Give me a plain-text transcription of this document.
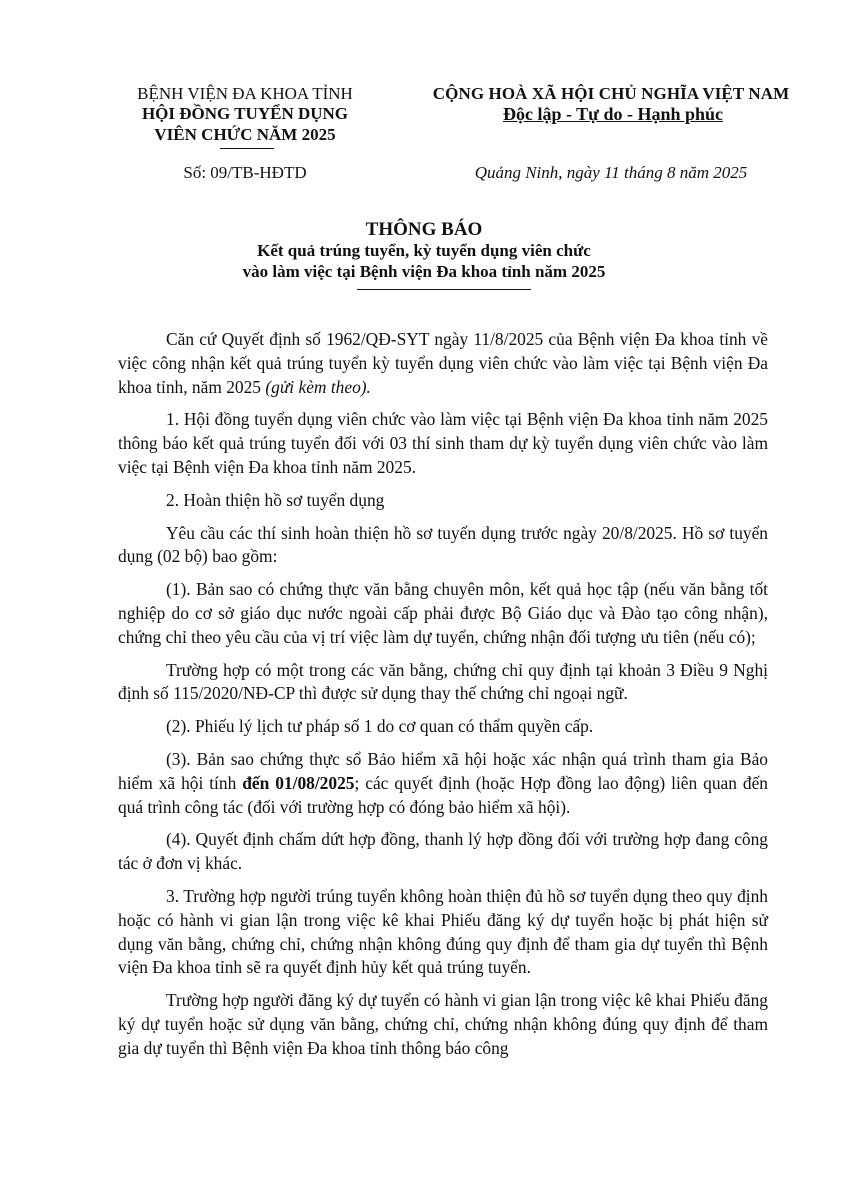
BỆNH VIỆN ĐA KHOA TỈNH
HỘI ĐỒNG TUYỂN DỤNG
VIÊN CHỨC NĂM 2025
Số: 09/TB-HĐTD
CỘNG HOÀ XÃ HỘI CHỦ NGHĨA VIỆT NAM
Độc lập - Tự do - Hạnh phúc
Quảng Ninh, ngày 11 tháng 8 năm 2025
THÔNG BÁO
Kết quả trúng tuyển, kỳ tuyển dụng viên chức
vào làm việc tại Bệnh viện Đa khoa tỉnh năm 2025

Căn cứ Quyết định số 1962/QĐ-SYT ngày 11/8/2025 của Bệnh viện Đa khoa tỉnh về việc công nhận kết quả trúng tuyển kỳ tuyển dụng viên chức vào làm việc tại Bệnh viện Đa khoa tỉnh, năm 2025 (gửi kèm theo).

1. Hội đồng tuyển dụng viên chức vào làm việc tại Bệnh viện Đa khoa tỉnh năm 2025 thông báo kết quả trúng tuyển đối với 03 thí sinh tham dự kỳ tuyển dụng viên chức vào làm việc tại Bệnh viện Đa khoa tỉnh năm 2025.

2. Hoàn thiện hồ sơ tuyển dụng

Yêu cầu các thí sinh hoàn thiện hồ sơ tuyển dụng trước ngày 20/8/2025. Hồ sơ tuyển dụng (02 bộ) bao gồm:

(1). Bản sao có chứng thực văn bằng chuyên môn, kết quả học tập (nếu văn bằng tốt nghiệp do cơ sở giáo dục nước ngoài cấp phải được Bộ Giáo dục và Đào tạo công nhận), chứng chỉ theo yêu cầu của vị trí việc làm dự tuyển, chứng nhận đối tượng ưu tiên (nếu có);

Trường hợp có một trong các văn bằng, chứng chỉ quy định tại khoản 3 Điều 9 Nghị định số 115/2020/NĐ-CP thì được sử dụng thay thế chứng chỉ ngoại ngữ.

(2). Phiếu lý lịch tư pháp số 1 do cơ quan có thẩm quyền cấp.

(3). Bản sao chứng thực sổ Bảo hiểm xã hội hoặc xác nhận quá trình tham gia Bảo hiểm xã hội tính đến 01/08/2025; các quyết định (hoặc Hợp đồng lao động) liên quan đến quá trình công tác (đối với trường hợp có đóng bảo hiểm xã hội).

(4). Quyết định chấm dứt hợp đồng, thanh lý hợp đồng đối với trường hợp đang công tác ở đơn vị khác.

3. Trường hợp người trúng tuyển không hoàn thiện đủ hồ sơ tuyển dụng theo quy định hoặc có hành vi gian lận trong việc kê khai Phiếu đăng ký dự tuyển hoặc bị phát hiện sử dụng văn bằng, chứng chỉ, chứng nhận không đúng quy định để tham gia dự tuyển thì Bệnh viện Đa khoa tỉnh sẽ ra quyết định hủy kết quả trúng tuyển.

Trường hợp người đăng ký dự tuyển có hành vi gian lận trong việc kê khai Phiếu đăng ký dự tuyển hoặc sử dụng văn bằng, chứng chỉ, chứng nhận không đúng quy định để tham gia dự tuyển thì Bệnh viện Đa khoa tỉnh thông báo công
